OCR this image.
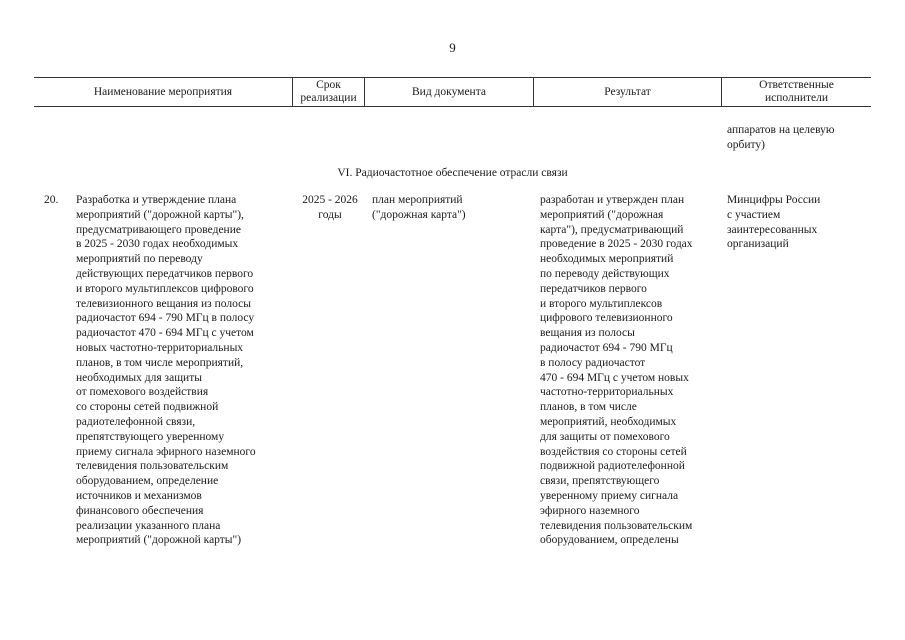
9
Наименование мероприятия
Срок
реализации
Вид документа	Результат
Ответственные
исполнители
аппаратов на целевую
орбиту)
VI. Радиочастотное обеспечение отрасли связи
20. Разработка и утверждение плана
мероприятий ("дорожной карты"),
предусматривающего проведение
в 2025 - 2030 годах необходимых
мероприятий по переводу
действующих передатчиков первого
и второго мультиплексов цифрового
телевизионного вещания из полосы
радиочастот 694 - 790 МГц в полосу
радиочастот 470 - 694 МГц с учетом
новых частотно-территориальных
планов, в том числе мероприятий,
необходимых для защиты
от помехового воздействия
со стороны сетей подвижной
радиотелефонной связи,
препятствующего уверенному
приему сигнала эфирного наземного
телевидения пользовательским
оборудованием, определение
источников и механизмов
финансового обеспечения
реализации указанного плана
мероприятий ("дорожной карты")
2025 - 2026
годы
план мероприятий
("дорожная карта")
разработан и утвержден план
мероприятий ("дорожная
карта"), предусматривающий
проведение в 2025 - 2030 годах
необходимых мероприятий
по переводу действующих
передатчиков первого
и второго мультиплексов
цифрового телевизионного
вещания из полосы
радиочастот 694 - 790 МГц
в полосу радиочастот
470 - 694 МГц с учетом новых
частотно-территориальных
планов, в том числе
мероприятий, необходимых
для защиты от помехового
воздействия со стороны сетей
подвижной радиотелефонной
связи, препятствующего
уверенному приему сигнала
эфирного наземного
телевидения пользовательским
оборудованием, определены
Минцифры России
с участием
заинтересованных
организаций
